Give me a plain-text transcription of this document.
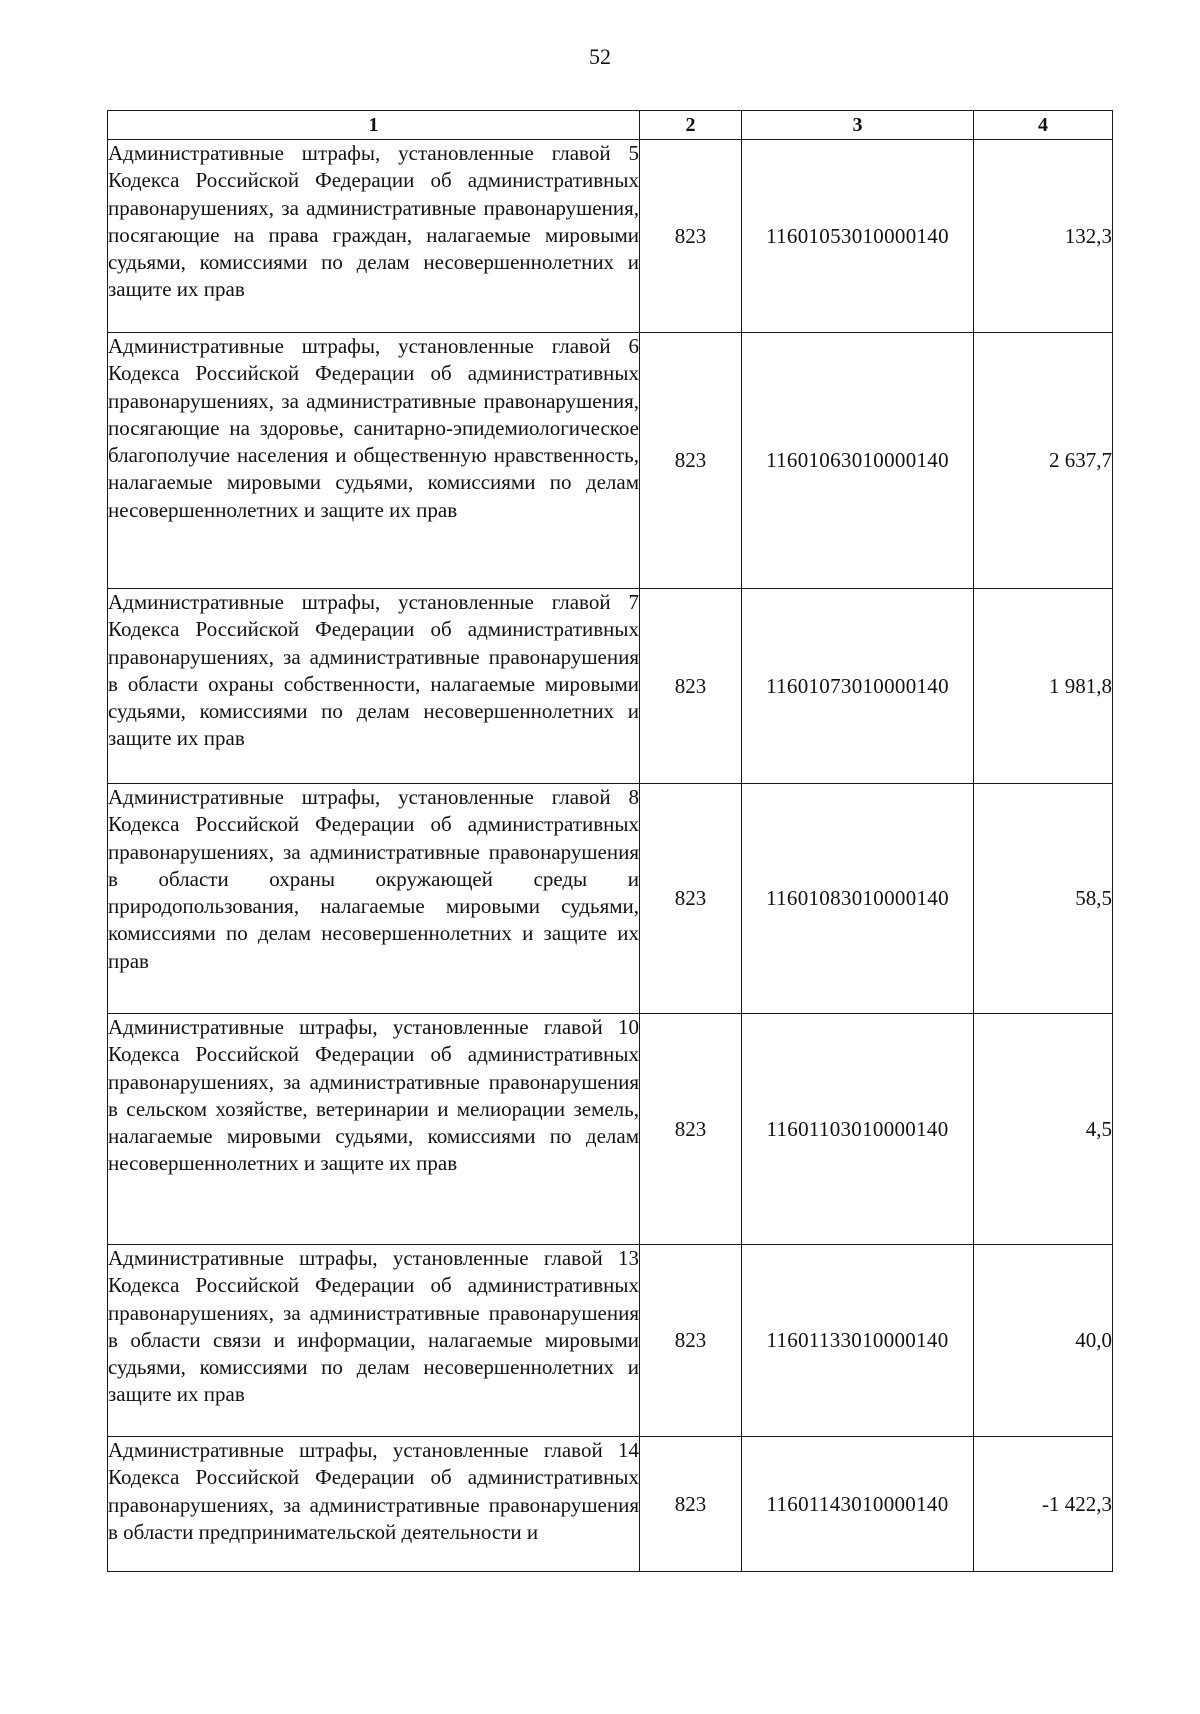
52
1	2	3	4

Административные штрафы, установленные главой 5 Кодекса Российской Федерации об административных правонарушениях, за административные правонарушения, посягающие на права граждан, налагаемые мировыми судьями, комиссиями по делам несовершеннолетних и защите их прав	823	11601053010000140	132,3

Административные штрафы, установленные главой 6 Кодекса Российской Федерации об административных правонарушениях, за административные правонарушения, посягающие на здоровье, санитарно-эпидемиологическое благополучие населения и общественную нравственность, налагаемые мировыми судьями, комиссиями по делам несовершеннолетних и защите их прав	823	11601063010000140	2 637,7

Административные штрафы, установленные главой 7 Кодекса Российской Федерации об административных правонарушениях, за административные правонарушения в области охраны собственности, налагаемые мировыми судьями, комиссиями по делам несовершеннолетних и защите их прав	823	11601073010000140	1 981,8

Административные штрафы, установленные главой 8 Кодекса Российской Федерации об административных правонарушениях, за административные правонарушения в области охраны окружающей среды и природопользования, налагаемые мировыми судьями, комиссиями по делам несовершеннолетних и защите их прав	823	11601083010000140	58,5

Административные штрафы, установленные главой 10 Кодекса Российской Федерации об административных правонарушениях, за административные правонарушения в сельском хозяйстве, ветеринарии и мелиорации земель, налагаемые мировыми судьями, комиссиями по делам несовершеннолетних и защите их прав	823	11601103010000140	4,5

Административные штрафы, установленные главой 13 Кодекса Российской Федерации об административных правонарушениях, за административные правонарушения в области связи и информации, налагаемые мировыми судьями, комиссиями по делам несовершеннолетних и защите их прав	823	11601133010000140	40,0

Административные штрафы, установленные главой 14 Кодекса Российской Федерации об административных правонарушениях, за административные правонарушения в области предпринимательской деятельности и	823	11601143010000140	-1 422,3
